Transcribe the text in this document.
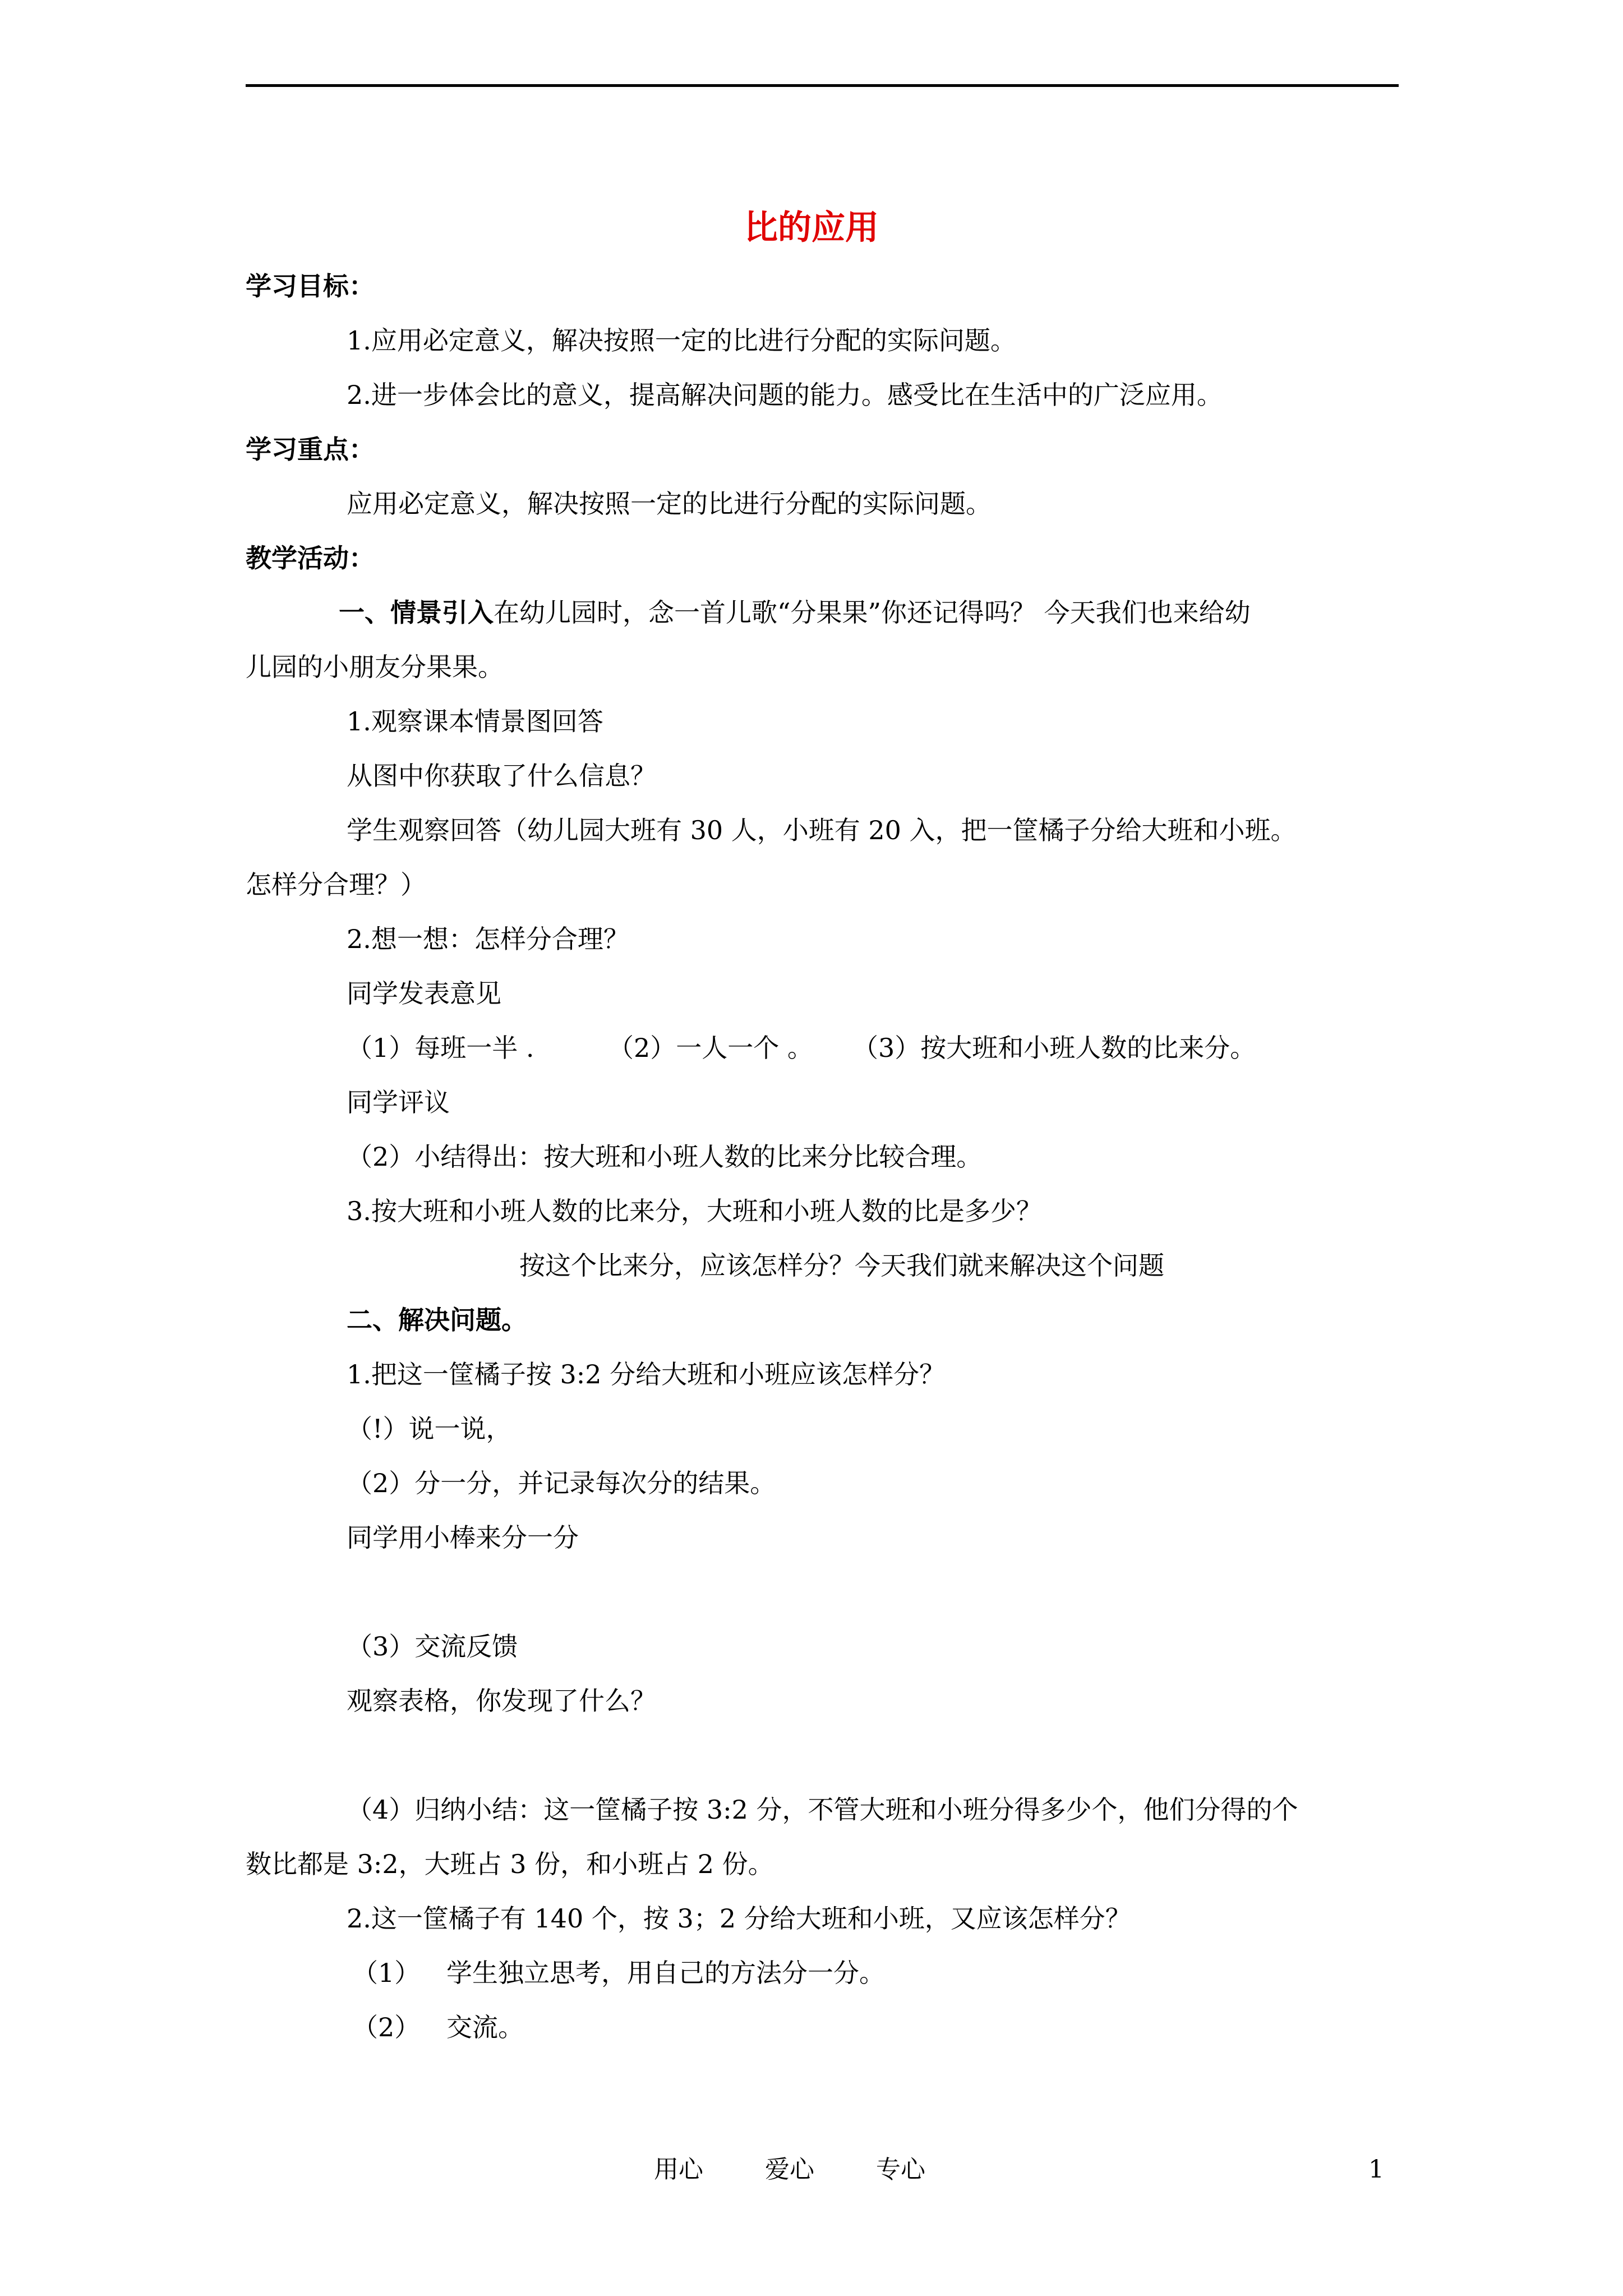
比的应用
学习目标：
1.应用必定意义，解决按照一定的比进行分配的实际问题。
2.进一步体会比的意义，提高解决问题的能力。感受比在生活中的广泛应用。
学习重点：
应用必定意义，解决按照一定的比进行分配的实际问题。
教学活动：
一、情景引入在幼儿园时，念一首儿歌“分果果”你还记得吗？ 今天我们也来给幼
儿园的小朋友分果果。
1.观察课本情景图回答
从图中你获取了什么信息？
学生观察回答（幼儿园大班有 30 人，小班有 20 入，把一筐橘子分给大班和小班。
怎样分合理？）
2.想一想：怎样分合理？
同学发表意见
（1）每班一半 .	（2）一人一个 。 （3）按大班和小班人数的比来分。
同学评议
（2）小结得出：按大班和小班人数的比来分比较合理。
3.按大班和小班人数的比来分，大班和小班人数的比是多少？
按这个比来分，应该怎样分？今天我们就来解决这个问题
二、解决问题。
1.把这一筐橘子按 3:2 分给大班和小班应该怎样分？
（!）说一说，
（2）分一分，并记录每次分的结果。
同学用小棒来分一分
（3）交流反馈
观察表格，你发现了什么？
（4）归纳小结：这一筐橘子按 3:2 分，不管大班和小班分得多少个，他们分得的个
数比都是 3:2，大班占 3 份，和小班占 2 份。
2.这一筐橘子有 140 个，按 3；2 分给大班和小班，又应该怎样分？
（1） 学生独立思考，用自己的方法分一分。
（2） 交流。
用心	爱心	专心	1
